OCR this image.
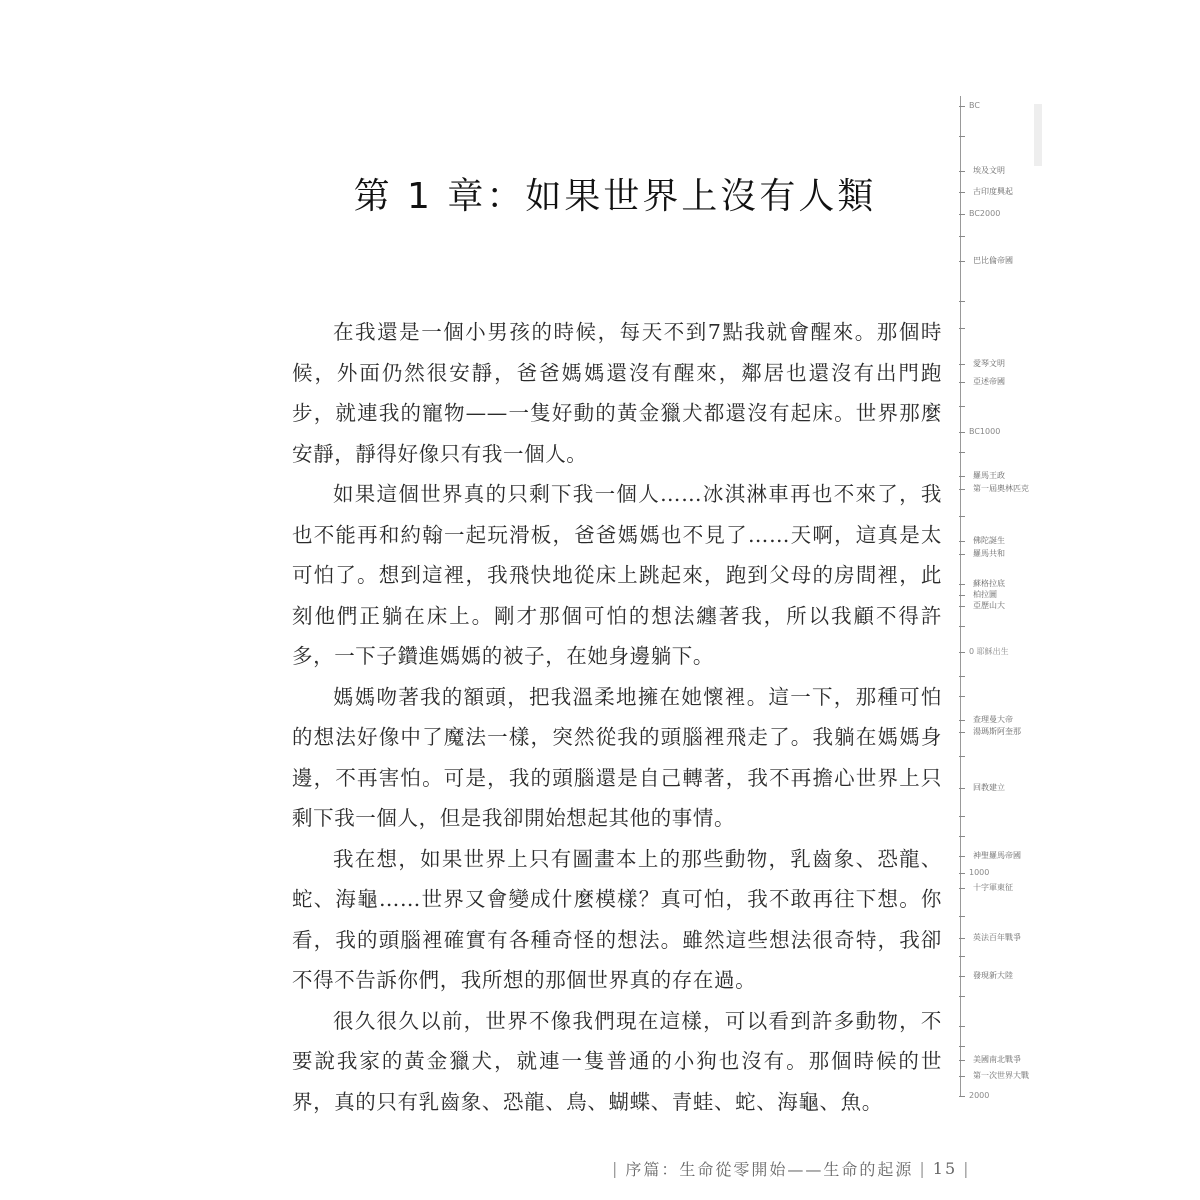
第 1 章：如果世界上沒有人類

在我還是一個小男孩的時候，每天不到7點我就會醒來。那個時候，外面仍然很安靜，爸爸媽媽還沒有醒來，鄰居也還沒有出門跑步，就連我的寵物——一隻好動的黃金獵犬都還沒有起床。世界那麼安靜，靜得好像只有我一個人。

如果這個世界真的只剩下我一個人……冰淇淋車再也不來了，我也不能再和約翰一起玩滑板，爸爸媽媽也不見了……天啊，這真是太可怕了。想到這裡，我飛快地從床上跳起來，跑到父母的房間裡，此刻他們正躺在床上。剛才那個可怕的想法纏著我，所以我顧不得許多，一下子鑽進媽媽的被子，在她身邊躺下。

媽媽吻著我的額頭，把我溫柔地擁在她懷裡。這一下，那種可怕的想法好像中了魔法一樣，突然從我的頭腦裡飛走了。我躺在媽媽身邊，不再害怕。可是，我的頭腦還是自己轉著，我不再擔心世界上只剩下我一個人，但是我卻開始想起其他的事情。

我在想，如果世界上只有圖畫本上的那些動物，乳齒象、恐龍、蛇、海龜……世界又會變成什麼模樣？真可怕，我不敢再往下想。你看，我的頭腦裡確實有各種奇怪的想法。雖然這些想法很奇特，我卻不得不告訴你們，我所想的那個世界真的存在過。

很久很久以前，世界不像我們現在這樣，可以看到許多動物，不要說我家的黃金獵犬，就連一隻普通的小狗也沒有。那個時候的世界，真的只有乳齒象、恐龍、鳥、蝴蝶、青蛙、蛇、海龜、魚。

| 序篇：生命從零開始——生命的起源 | 15 |
BC
埃及文明
古印度興起
BC2000
巴比倫帝國
愛琴文明
亞述帝國
BC1000
羅馬王政
第一屆奧林匹克
佛陀誕生
羅馬共和
蘇格拉底
柏拉圖
亞歷山大
0 耶穌出生
查理曼大帝
湯瑪斯阿奎那
回教建立
神聖羅馬帝國
1000
十字軍東征
英法百年戰爭
發現新大陸
美國南北戰爭
第一次世界大戰
2000
